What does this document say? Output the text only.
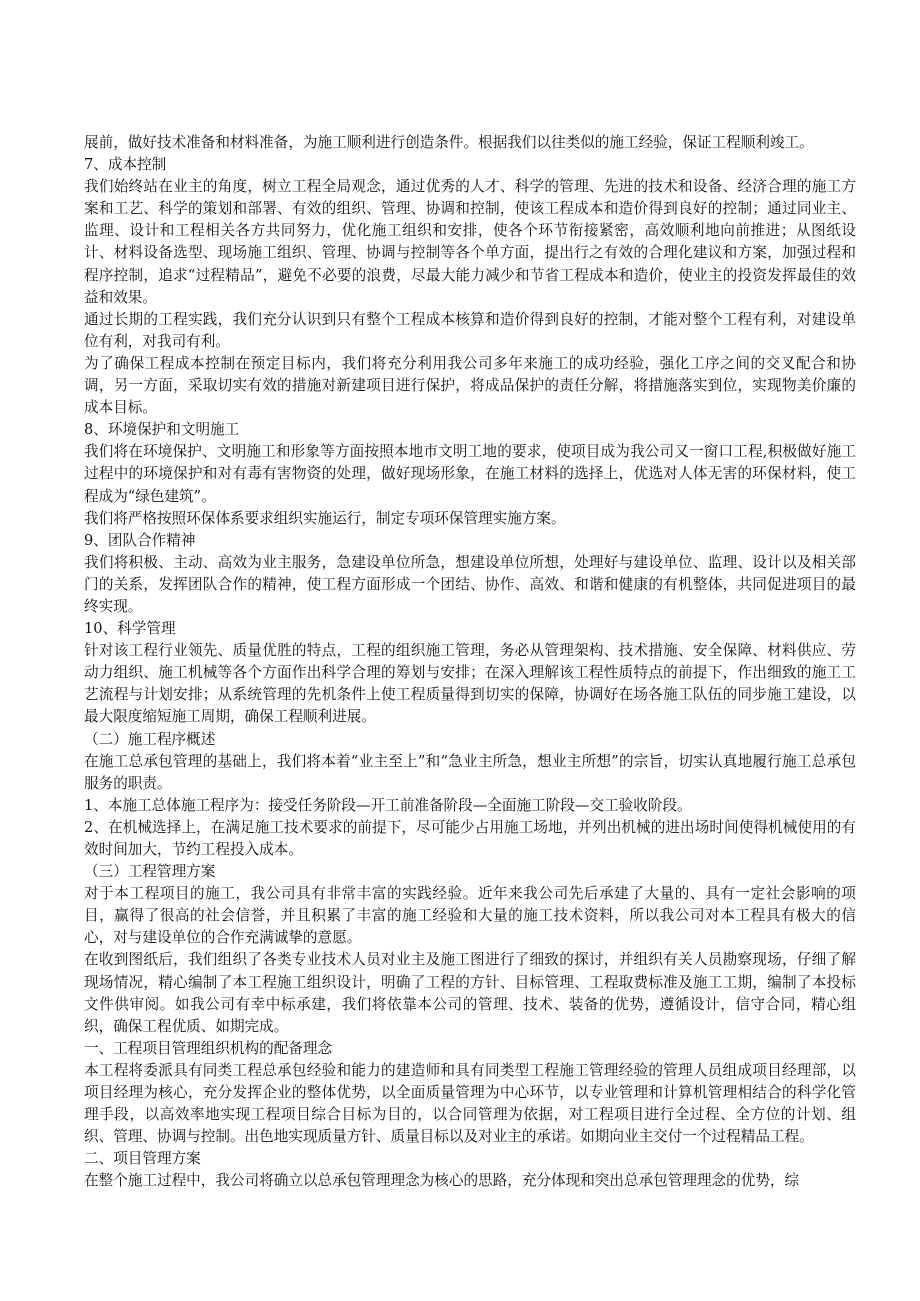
展前，做好技术准备和材料准备，为施工顺利进行创造条件。根据我们以往类似的施工经验，保证工程顺利竣工。

7、成本控制

我们始终站在业主的角度，树立工程全局观念，通过优秀的人才、科学的管理、先进的技术和设备、经济合理的施工方案和工艺、科学的策划和部署、有效的组织、管理、协调和控制，使该工程成本和造价得到良好的控制；通过同业主、监理、设计和工程相关各方共同努力，优化施工组织和安排，使各个环节衔接紧密，高效顺利地向前推进；从图纸设计、材料设备选型、现场施工组织、管理、协调与控制等各个单方面，提出行之有效的合理化建议和方案，加强过程和程序控制，追求“过程精品”，避免不必要的浪费，尽最大能力减少和节省工程成本和造价，使业主的投资发挥最佳的效益和效果。

通过长期的工程实践，我们充分认识到只有整个工程成本核算和造价得到良好的控制，才能对整个工程有利，对建设单位有利，对我司有利。

为了确保工程成本控制在预定目标内，我们将充分利用我公司多年来施工的成功经验，强化工序之间的交叉配合和协调，另一方面，采取切实有效的措施对新建项目进行保护，将成品保护的责任分解，将措施落实到位，实现物美价廉的成本目标。

8、环境保护和文明施工

我们将在环境保护、文明施工和形象等方面按照本地市文明工地的要求，使项目成为我公司又一窗口工程,积极做好施工过程中的环境保护和对有毒有害物资的处理，做好现场形象，在施工材料的选择上，优选对人体无害的环保材料，使工程成为“绿色建筑”。

我们将严格按照环保体系要求组织实施运行，制定专项环保管理实施方案。

9、团队合作精神

我们将积极、主动、高效为业主服务，急建设单位所急，想建设单位所想，处理好与建设单位、监理、设计以及相关部门的关系，发挥团队合作的精神，使工程方面形成一个团结、协作、高效、和谐和健康的有机整体，共同促进项目的最终实现。

10、科学管理

针对该工程行业领先、质量优胜的特点，工程的组织施工管理，务必从管理架构、技术措施、安全保障、材料供应、劳动力组织、施工机械等各个方面作出科学合理的筹划与安排；在深入理解该工程性质特点的前提下，作出细致的施工工艺流程与计划安排；从系统管理的先机条件上使工程质量得到切实的保障，协调好在场各施工队伍的同步施工建设，以最大限度缩短施工周期，确保工程顺利进展。

（二）施工程序概述

在施工总承包管理的基础上，我们将本着“业主至上”和“急业主所急，想业主所想”的宗旨，切实认真地履行施工总承包服务的职责。

1、本施工总体施工程序为：接受任务阶段—开工前准备阶段—全面施工阶段—交工验收阶段。

2、在机械选择上，在满足施工技术要求的前提下，尽可能少占用施工场地，并列出机械的进出场时间使得机械使用的有效时间加大，节约工程投入成本。

（三）工程管理方案

对于本工程项目的施工，我公司具有非常丰富的实践经验。近年来我公司先后承建了大量的、具有一定社会影响的项目，赢得了很高的社会信誉，并且积累了丰富的施工经验和大量的施工技术资料，所以我公司对本工程具有极大的信心，对与建设单位的合作充满诚挚的意愿。

在收到图纸后，我们组织了各类专业技术人员对业主及施工图进行了细致的探讨，并组织有关人员勘察现场，仔细了解现场情况，精心编制了本工程施工组织设计，明确了工程的方针、目标管理、工程取费标准及施工工期，编制了本投标文件供审阅。如我公司有幸中标承建，我们将依靠本公司的管理、技术、装备的优势，遵循设计，信守合同，精心组织，确保工程优质、如期完成。

一、工程项目管理组织机构的配备理念

本工程将委派具有同类工程总承包经验和能力的建造师和具有同类型工程施工管理经验的管理人员组成项目经理部，以项目经理为核心，充分发挥企业的整体优势，以全面质量管理为中心环节，以专业管理和计算机管理相结合的科学化管理手段，以高效率地实现工程项目综合目标为目的，以合同管理为依据，对工程项目进行全过程、全方位的计划、组织、管理、协调与控制。出色地实现质量方针、质量目标以及对业主的承诺。如期向业主交付一个过程精品工程。

二、项目管理方案

在整个施工过程中，我公司将确立以总承包管理理念为核心的思路，充分体现和突出总承包管理理念的优势，综
